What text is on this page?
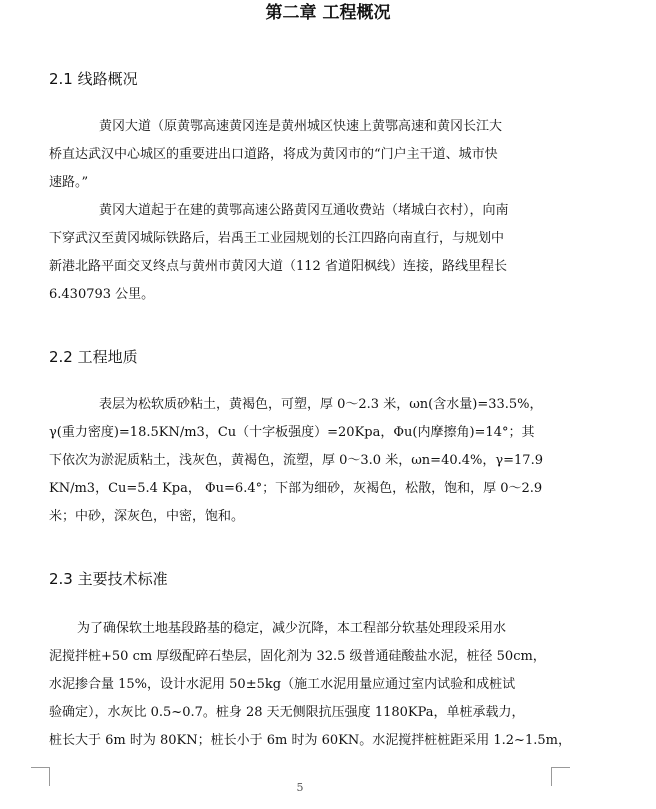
第二章 工程概况
2.1 线路概况
黄冈大道（原黄鄂高速黄冈连是黄州城区快速上黄鄂高速和黄冈长江大
桥直达武汉中心城区的重要进出口道路，将成为黄冈市的“门户主干道、城市快
速路。”
黄冈大道起于在建的黄鄂高速公路黄冈互通收费站（堵城白衣村），向南
下穿武汉至黄冈城际铁路后，岩禹王工业园规划的长江四路向南直行，与规划中
新港北路平面交叉终点与黄州市黄冈大道（112 省道阳枫线）连接，路线里程长
6.430793 公里。
2.2 工程地质
表层为松软质砂粘土，黄褐色，可塑，厚 0～2.3 米，ωn(含水量)=33.5%，
γ(重力密度)=18.5KN/m3，Cu（十字板强度）=20Kpa，Φu(内摩擦角)=14°；其
下依次为淤泥质粘土，浅灰色，黄褐色，流塑，厚 0～3.0 米，ωn=40.4%，γ=17.9
KN/m3，Cu=5.4 Kpa， Φu=6.4°；下部为细砂，灰褐色，松散，饱和，厚 0～2.9
米；中砂，深灰色，中密，饱和。
2.3 主要技术标准
为了确保软土地基段路基的稳定，减少沉降，本工程部分软基处理段采用水
泥搅拌桩+50 cm 厚级配碎石垫层，固化剂为 32.5 级普通硅酸盐水泥，桩径 50cm，
水泥掺合量 15%，设计水泥用 50±5kg（施工水泥用量应通过室内试验和成桩试
验确定），水灰比 0.5~0.7。桩身 28 天无侧限抗压强度 1180KPa，单桩承载力，
桩长大于 6m 时为 80KN；桩长小于 6m 时为 60KN。水泥搅拌桩桩距采用 1.2~1.5m，
5
